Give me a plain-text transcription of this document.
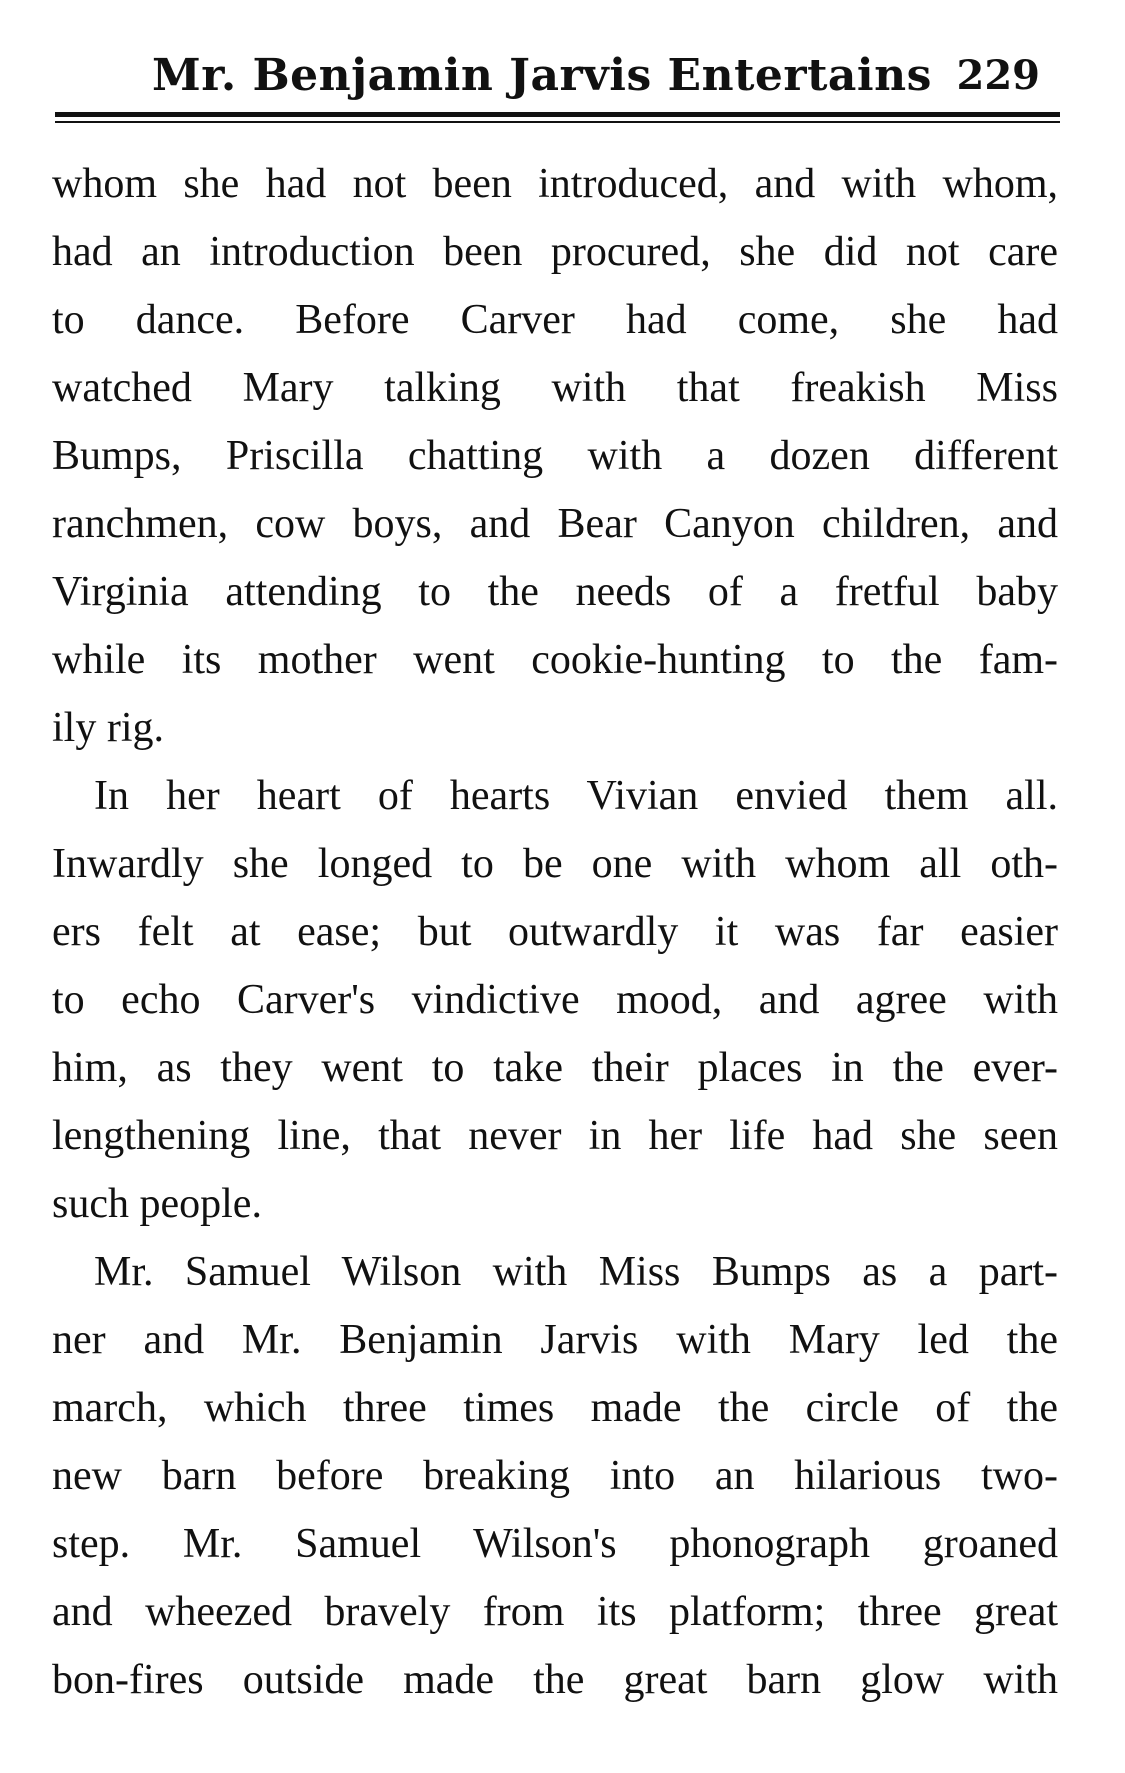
Mr. Benjamin Jarvis Entertains 229
whom she had not been introduced, and with whom,
had an introduction been procured, she did not care
to dance. Before Carver had come, she had
watched Mary talking with that freakish Miss
Bumps, Priscilla chatting with a dozen different
ranchmen, cow boys, and Bear Canyon children, and
Virginia attending to the needs of a fretful baby
while its mother went cookie-hunting to the fam-
ily rig.
In her heart of hearts Vivian envied them all.
Inwardly she longed to be one with whom all oth-
ers felt at ease; but outwardly it was far easier
to echo Carver's vindictive mood, and agree with
him, as they went to take their places in the ever-
lengthening line, that never in her life had she seen
such people.
Mr. Samuel Wilson with Miss Bumps as a part-
ner and Mr. Benjamin Jarvis with Mary led the
march, which three times made the circle of the
new barn before breaking into an hilarious two-
step. Mr. Samuel Wilson's phonograph groaned
and wheezed bravely from its platform; three great
bon-fires outside made the great barn glow with
